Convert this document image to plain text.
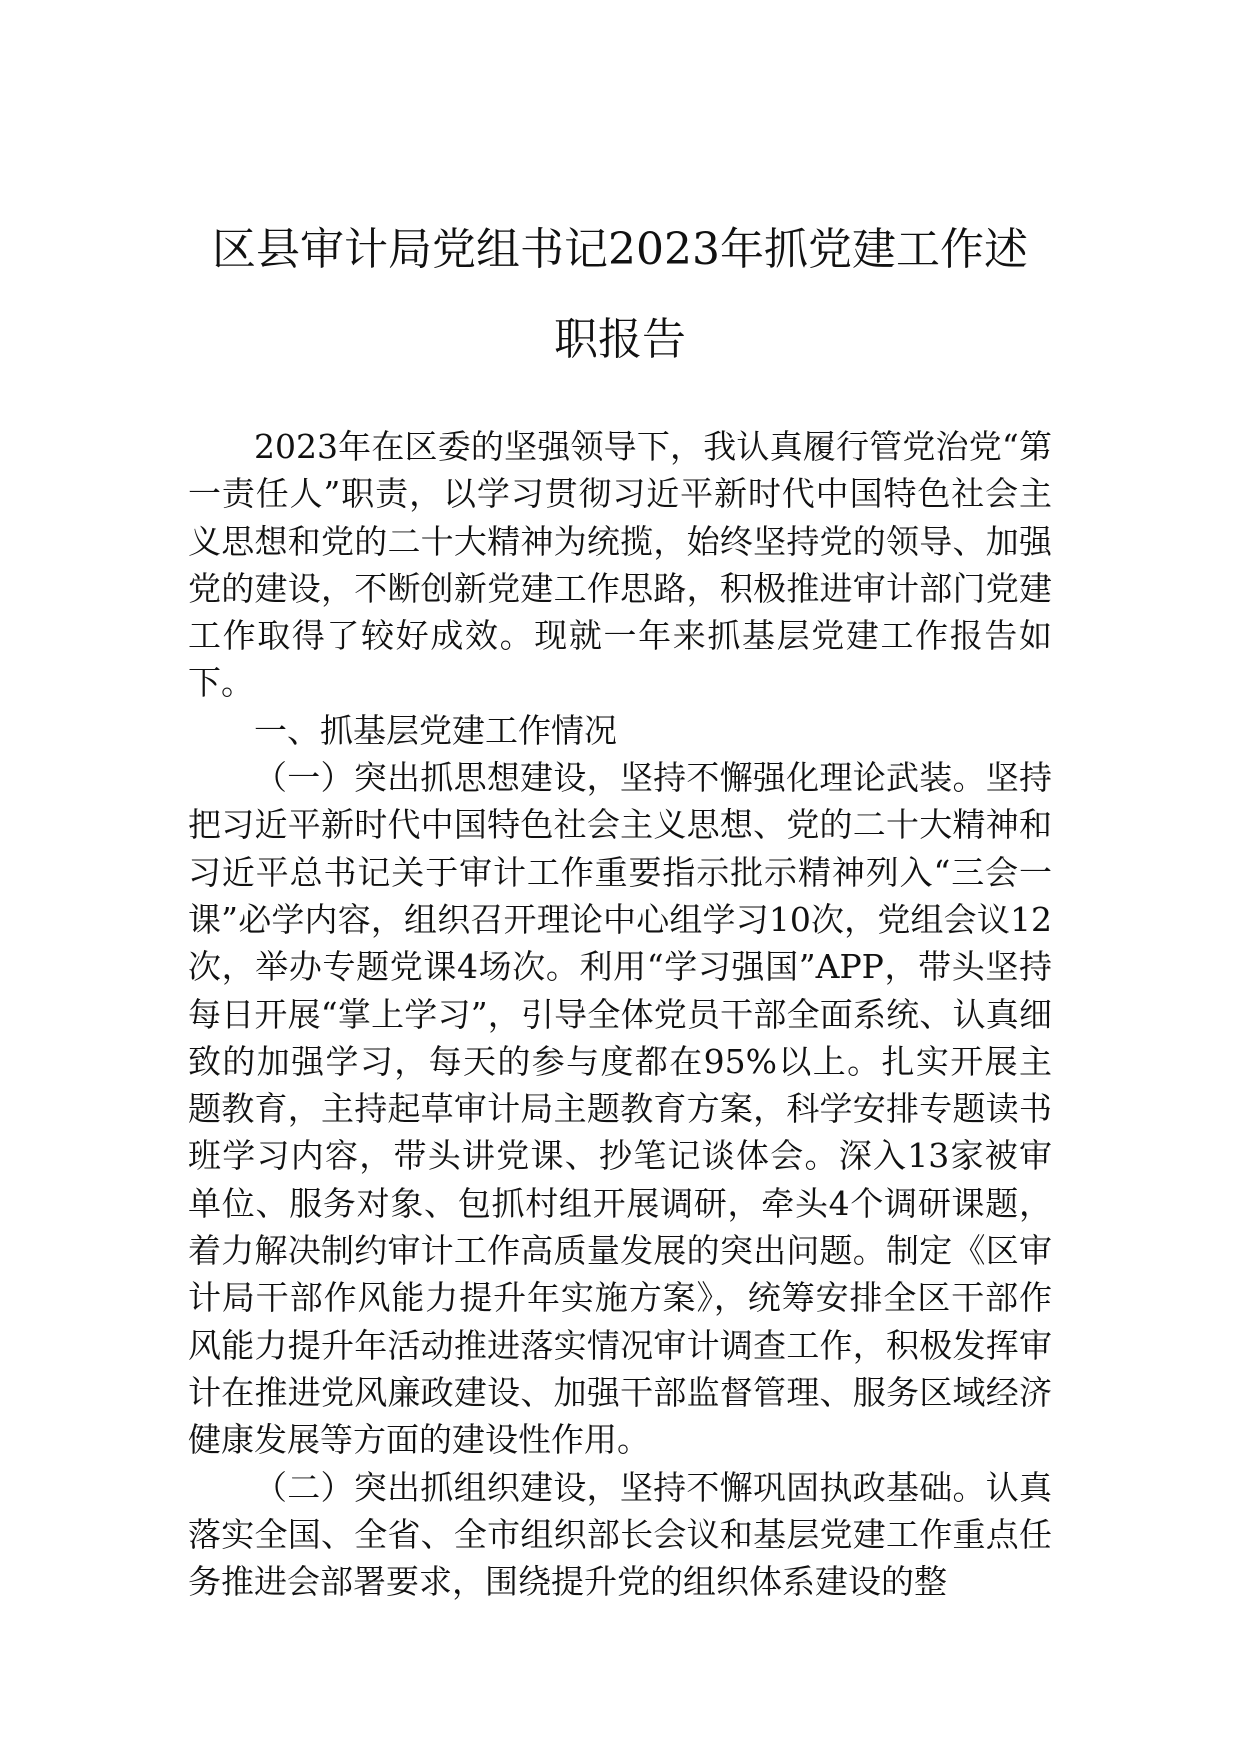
区县审计局党组书记2023年抓党建工作述
职报告

2023年在区委的坚强领导下，我认真履行管党治党“第一责任人”职责，以学习贯彻习近平新时代中国特色社会主义思想和党的二十大精神为统揽，始终坚持党的领导、加强党的建设，不断创新党建工作思路，积极推进审计部门党建工作取得了较好成效。现就一年来抓基层党建工作报告如下。

一、抓基层党建工作情况

（一）突出抓思想建设，坚持不懈强化理论武装。坚持把习近平新时代中国特色社会主义思想、党的二十大精神和习近平总书记关于审计工作重要指示批示精神列入“三会一课”必学内容，组织召开理论中心组学习10次，党组会议12次，举办专题党课4场次。利用“学习强国”APP，带头坚持每日开展“掌上学习”，引导全体党员干部全面系统、认真细致的加强学习，每天的参与度都在95%以上。扎实开展主题教育，主持起草审计局主题教育方案，科学安排专题读书班学习内容，带头讲党课、抄笔记谈体会。深入13家被审单位、服务对象、包抓村组开展调研，牵头4个调研课题，着力解决制约审计工作高质量发展的突出问题。制定《区审计局干部作风能力提升年实施方案》，统筹安排全区干部作风能力提升年活动推进落实情况审计调查工作，积极发挥审计在推进党风廉政建设、加强干部监督管理、服务区域经济健康发展等方面的建设性作用。

（二）突出抓组织建设，坚持不懈巩固执政基础。认真落实全国、全省、全市组织部长会议和基层党建工作重点任务推进会部署要求，围绕提升党的组织体系建设的整
